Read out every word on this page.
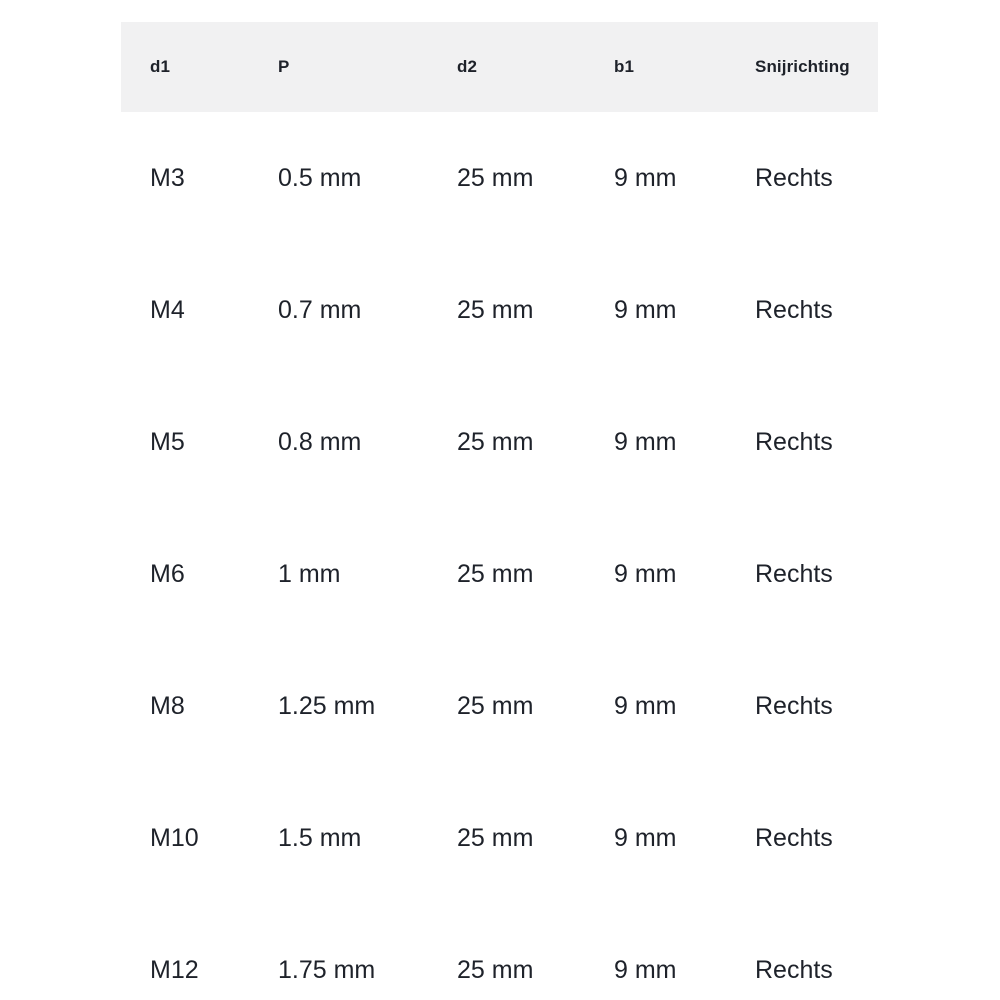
d1	P	d2	b1	Snijrichting
M3	0.5 mm	25 mm	9 mm	Rechts
M4	0.7 mm	25 mm	9 mm	Rechts
M5	0.8 mm	25 mm	9 mm	Rechts
M6	1 mm	25 mm	9 mm	Rechts
M8	1.25 mm	25 mm	9 mm	Rechts
M10	1.5 mm	25 mm	9 mm	Rechts
M12	1.75 mm	25 mm	9 mm	Rechts
